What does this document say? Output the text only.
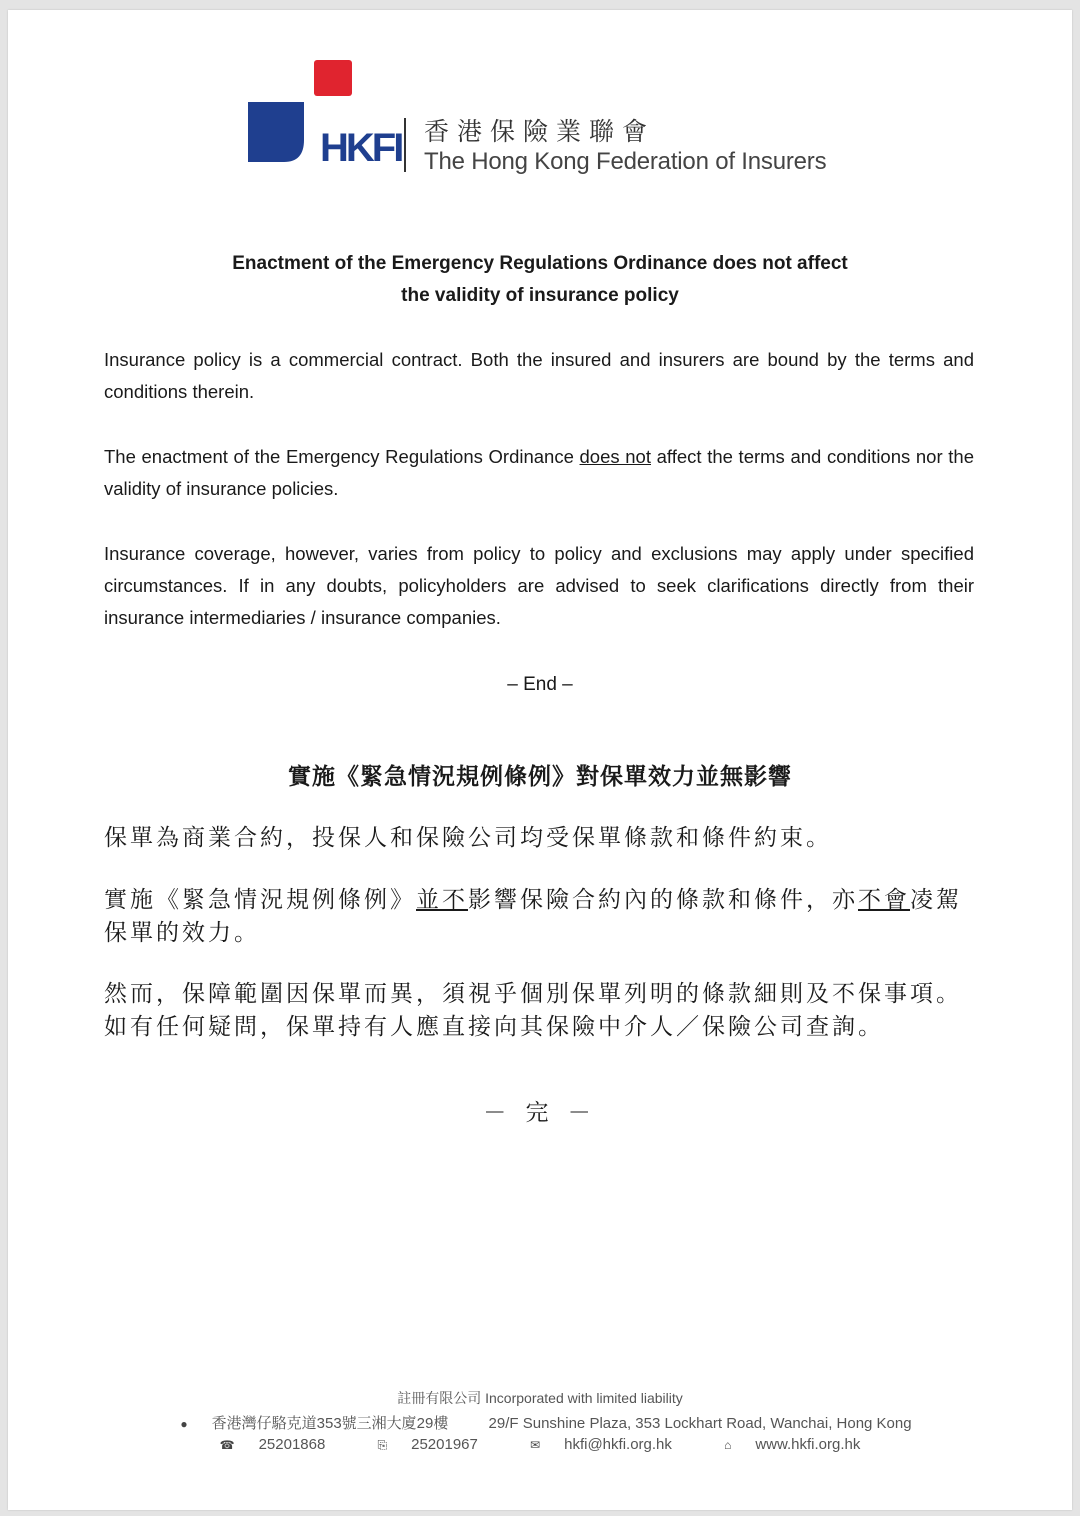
HKFI 香港保險業聯會
The Hong Kong Federation of Insurers
Enactment of the Emergency Regulations Ordinance does not affect
the validity of insurance policy
Insurance policy is a commercial contract. Both the insured and insurers are bound by the terms and conditions therein.
The enactment of the Emergency Regulations Ordinance does not affect the terms and conditions nor the validity of insurance policies.
Insurance coverage, however, varies from policy to policy and exclusions may apply under specified circumstances. If in any doubts, policyholders are advised to seek clarifications directly from their insurance intermediaries / insurance companies.
– End –
實施《緊急情況規例條例》對保單效力並無影響
保單為商業合約，投保人和保險公司均受保單條款和條件約束。
實施《緊急情況規例條例》並不影響保險合約內的條款和條件，亦不會凌駕保單的效力。
然而，保障範圍因保單而異，須視乎個別保單列明的條款細則及不保事項。如有任何疑問，保單持有人應直接向其保險中介人／保險公司查詢。
－ 完 －
註冊有限公司 Incorporated with limited liability
● 香港灣仔駱克道353號三湘大廈29樓	29/F Sunshine Plaza, 353 Lockhart Road, Wanchai, Hong Kong
☎ 25201868	⎘ 25201967	✉ hkfi@hkfi.org.hk	⌂ www.hkfi.org.hk
